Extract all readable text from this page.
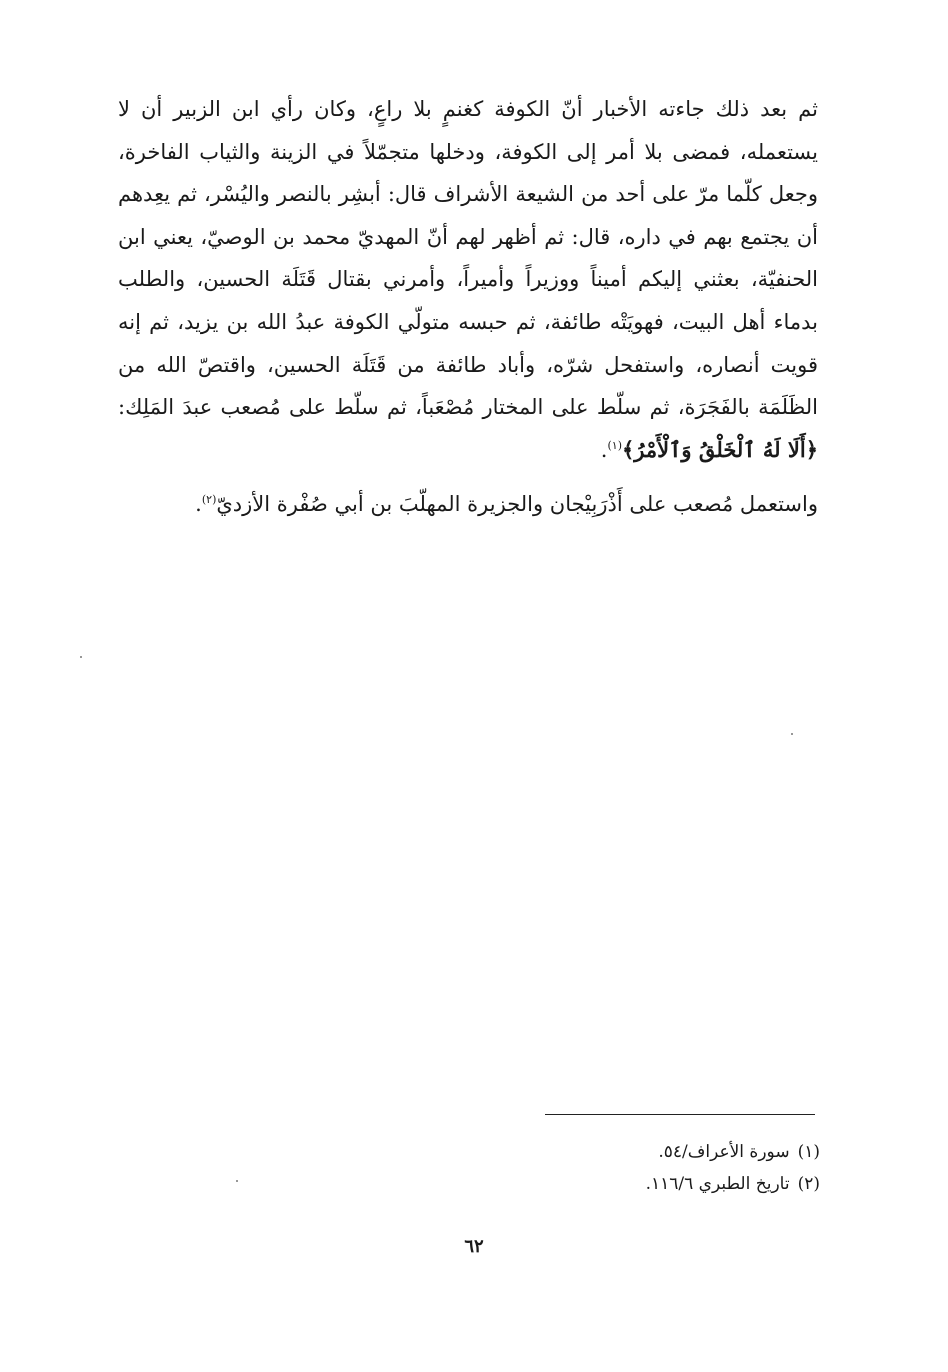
ثم بعد ذلك جاءته الأخبار أنّ الكوفة كغنمٍ بلا راعٍ، وكان رأي ابن الزبير أن لا يستعمله، فمضى بلا أمر إلى الكوفة، ودخلها متجمّلاً في الزينة والثياب الفاخرة، وجعل كلّما مرّ على أحد من الشيعة الأشراف قال: أبشِر بالنصر واليُسْر، ثم يعِدهم أن يجتمع بهم في داره، قال: ثم أظهر لهم أنّ المهديّ محمد بن الوصيّ، يعني ابن الحنفيّة، بعثني إليكم أميناً ووزيراً وأميراً، وأمرني بقتال قَتَلَة الحسين، والطلب بدماء أهل البيت، فهويَتْه طائفة، ثم حبسه متولّي الكوفة عبدُ الله بن يزيد، ثم إنه قويت أنصاره، واستفحل شرّه، وأباد طائفة من قَتَلَة الحسين، واقتصّ الله من الظَلَمَة بالفَجَرَة، ثم سلّط على المختار مُصْعَباً، ثم سلّط على مُصعب عبدَ المَلِك: ﴿أَلَا لَهُ ٱلْخَلْقُ وَٱلْأَمْرُ﴾$^{(١)}$.

واستعمل مُصعب على أَذْرَبِيْجان والجزيرة المهلّبَ بن أبي صُفْرة الأزديّ$^{(٢)}$.

(١)سورة الأعراف/٥٤.
(٢)تاريخ الطبري ١١٦/٦.
٦٢
